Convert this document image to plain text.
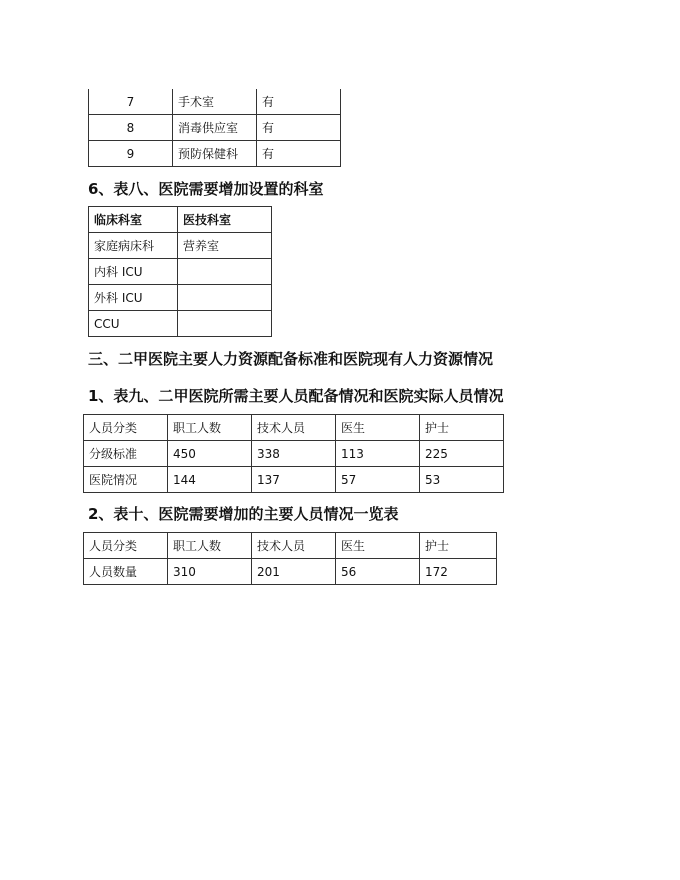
7	手术室	有
8	消毒供应室	有
9	预防保健科	有
6、表八、医院需要增加设置的科室
临床科室	医技科室
家庭病床科	营养室
内科 ICU	
外科 ICU	
CCU	
三、二甲医院主要人力资源配备标准和医院现有人力资源情况
1、表九、二甲医院所需主要人员配备情况和医院实际人员情况
人员分类	职工人数	技术人员	医生	护士
分级标准	450	338	113	225
医院情况	144	137	57	53
2、表十、医院需要增加的主要人员情况一览表
人员分类	职工人数	技术人员	医生	护士
人员数量	310	201	56	172
